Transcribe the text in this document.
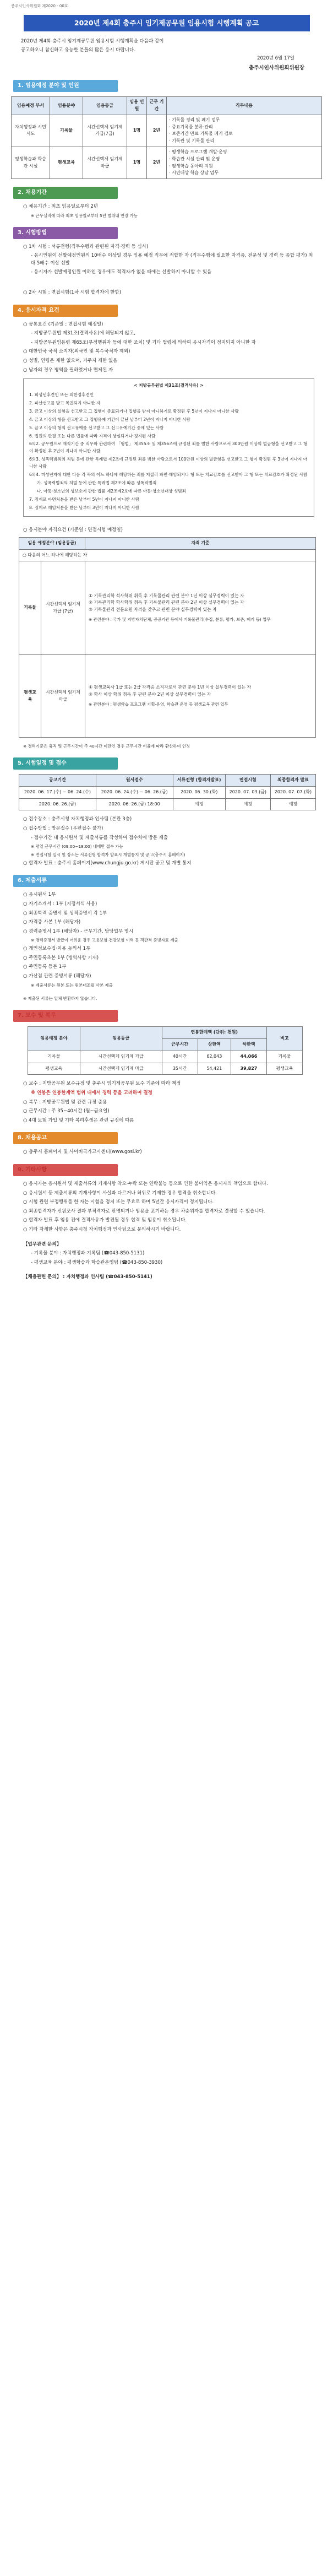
충주시인사위원회 제2020 - 00호
2020년 제4회 충주시 임기제공무원 임용시험 시행계획 공고

2020년 제4회 충주시 임기제공무원 임용시험 시행계획을 다음과 같이

공고하오니 참신하고 유능한 분들의 많은 응시 바랍니다.

2020년 6월 17일
충주시인사위원회위원장
1. 임용예정 분야 및 인원
임용예정 부서	임용분야	임용등급	임용 인원	근무 기간	직무내용
자치행정과 시민시도	기록물	시간선택제 임기제 가급(7급)	1명	2년	· 기록물 정리 및 폐기 업무
· 중요기록물 분류·관리
· 보존기간 만료 기록물 폐기 검토
· 기록관 및 기록물 관리
평생학습과 학습관 시설	평생교육	시간선택제 임기제 마급	1명	2년	· 평생학습 프로그램 개발·운영
· 학습관 시설 관리 및 운영
· 평생학습 동아리 지원
· 시민대상 학습 상담 업무
2. 채용기간

○ 채용기간 : 최초 임용일로부터 2년

※ 근무실적에 따라 최초 임용일로부터 5년 범위내 연장 가능

3. 시험방법

○ 1차 시험 : 서류전형(직무수행과 관련된 자격·경력 등 심사)

- 응시인원이 선발예정인원의 10배수 이상일 경우 임용 예정 직무에 적합한 자 (직무수행에 필요한 자격증, 전문성 및 경력 등 종합 평가) 최대 5배수 이상 선발

- 응시자가 선발예정인원 이하인 경우에도 적격자가 없을 때에는 선발하지 아니할 수 있음

○ 2차 시험 : 면접시험(1차 시험 합격자에 한함)

4. 응시자격 요건

○ 공통요건 (기준일 : 면접시험 예정일)

- 지방공무원법 제31조(결격사유)에 해당되지 않고,

- 지방공무원임용령 제65조(부정행위자 등에 대한 조치) 및 기타 법령에 의하여 응시자격이 정지되지 아니한 자

○ 대한민국 국적 소지자(외국인 및 복수국적자 제외)

○ 성별, 연령은 제한 없으며, 거주지 제한 없음

○ 남자의 경우 병역을 필하였거나 면제된 자

< 지방공무원법 제31조(결격사유) >

1. 피성년후견인 또는 피한정후견인

2. 파산선고를 받고 복권되지 아니한 자

3. 금고 이상의 실형을 선고받고 그 집행이 종료되거나 집행을 받지 아니하기로 확정된 후 5년이 지나지 아니한 사람

4. 금고 이상의 형을 선고받고 그 집행유예 기간이 끝난 날부터 2년이 지나지 아니한 사람

5. 금고 이상의 형의 선고유예를 선고받고 그 선고유예기간 중에 있는 사람

6. 법원의 판결 또는 다른 법률에 따라 자격이 상실되거나 정지된 사람

6의2. 공무원으로 재직기간 중 직무와 관련하여 「형법」 제355조 및 제356조에 규정된 죄를 범한 사람으로서 300만원 이상의 벌금형을 선고받고 그 형이 확정된 후 2년이 지나지 아니한 사람

6의3. 성폭력범죄의 처벌 등에 관한 특례법 제2조에 규정된 죄를 범한 사람으로서 100만원 이상의 벌금형을 선고받고 그 형이 확정된 후 3년이 지나지 아니한 사람

6의4. 미성년자에 대한 다음 각 목의 어느 하나에 해당하는 죄를 저질러 파면·해임되거나 형 또는 치료감호를 선고받아 그 형 또는 치료감호가 확정된 사람

가. 성폭력범죄의 처벌 등에 관한 특례법 제2조에 따른 성폭력범죄

나. 아동·청소년의 성보호에 관한 법률 제2조제2호에 따른 아동·청소년대상 성범죄

7. 징계로 파면처분을 받은 날부터 5년이 지나지 아니한 사람

8. 징계로 해임처분을 받은 날부터 3년이 지나지 아니한 사람

○ 응시분야 자격요건 (기준일 : 면접시험 예정일)

임용 예정분야 (임용등급)		자격 기준
○ 다음의 어느 하나에 해당하는 자		
기록물	시간선택제 임기제 가급 (7급)	① 기록관리학 석사학위 취득 후 기록물관리 관련 분야 1년 이상 실무경력이 있는 자
② 기록관리학 학사학위 취득 후 기록물관리 관련 분야 2년 이상 실무경력이 있는 자
③ 기록물관리 전문요원 자격을 갖추고 관련 분야 실무경력이 있는 자
※ 관련분야 : 국가 및 지방자치단체, 공공기관 등에서 기록물관리(수집, 분류, 평가, 보존, 폐기 등) 업무

평생교육	시간선택제 임기제 마급	① 평생교육사 1급 또는 2급 자격증 소지자로서 관련 분야 1년 이상 실무경력이 있는 자
② 학사 이상 학위 취득 후 관련 분야 2년 이상 실무경력이 있는 자
※ 관련분야 : 평생학습 프로그램 기획·운영, 학습관 운영 등 평생교육 관련 업무

※ 경력기준은 휴직 및 근무시간이 주 40시간 미만인 경우 근무시간 비율에 따라 환산하여 인정

5. 시험일정 및 접수
공고기간	원서접수	서류전형 (합격자발표)	면접시험	최종합격자 발표
2020. 06. 17.(수) ~ 06. 24.(수)	2020. 06. 24.(수) ~ 06. 26.(금)	2020. 06. 30.(화)	2020. 07. 03.(금)	2020. 07. 07.(화)
2020. 06. 26.(금)	2020. 06. 26.(금) 18:00	예정	예정	예정

○ 접수장소 : 충주시청 자치행정과 인사팀 (본관 3층)

○ 접수방법 : 방문접수 (우편접수 불가)

- 접수기간 내 응시원서 및 제출서류를 작성하여 접수처에 방문 제출

※ 평일 근무시간 (09:00~18:00) 내에만 접수 가능

※ 면접시험 일시 및 장소는 서류전형 합격자 발표시 개별통지 및 공고(충주시 홈페이지)

○ 합격자 발표 : 충주시 홈페이지(www.chungju.go.kr) 게시판 공고 및 개별 통지

6. 제출서류

○ 응시원서 1부

○ 자기소개서 : 1부 (지정서식 사용)

○ 최종학력 증명서 및 성적증명서 각 1부

○ 자격증 사본 1부 (해당자)

○ 경력증명서 1부 (해당자) - 근무기간, 담당업무 명시

※ 경력증명서 발급이 어려운 경우 고용보험·건강보험 이력 등 객관적 증빙자료 제출

○ 개인정보수집·이용 동의서 1부

○ 주민등록초본 1부 (병역사항 기재)

○ 주민등록 등본 1부

○ 가산점 관련 증빙서류 (해당자)

※ 제출서류는 원본 또는 원본대조필 사본 제출

※ 제출된 서류는 일체 반환하지 않습니다.

7. 보수 및 복무
임용예정 분야	임용등급	연봉한계액 (단위: 천원)			비고
		근무시간	상한액	하한액	
기록물	시간선택제 임기제 가급	40시간	62,043	44,066	기록물
평생교육	시간선택제 임기제 마급	35시간	54,421	39,827	평생교육

○ 보수 : 지방공무원 보수규정 및 충주시 임기제공무원 보수 기준에 따라 책정

※ 연봉은 연봉한계액 범위 내에서 경력 등을 고려하여 결정

○ 복무 : 지방공무원법 및 관련 규정 준용

○ 근무시간 : 주 35~40시간 (월~금요일)

○ 4대 보험 가입 및 기타 복리후생은 관련 규정에 따름

8. 채용공고

○ 충주시 홈페이지 및 사이버국가고시센터(www.gosi.kr)

9. 기타사항

○ 응시자는 응시원서 및 제출서류의 기재사항 착오·누락 또는 연락불능 등으로 인한 불이익은 응시자의 책임으로 합니다.

○ 응시원서 등 제출서류의 기재사항이 사실과 다르거나 허위로 기재한 경우 합격을 취소합니다.

○ 시험 관련 부정행위를 한 자는 시험을 정지 또는 무효로 하며 5년간 응시자격이 정지됩니다.

○ 최종합격자가 신원조사 결과 부적격자로 판명되거나 임용을 포기하는 경우 차순위자를 합격자로 결정할 수 있습니다.

○ 합격자 발표 후 임용 전에 결격사유가 발견될 경우 합격 및 임용이 취소됩니다.

○ 기타 자세한 사항은 충주시청 자치행정과 인사팀으로 문의하시기 바랍니다.

【업무관련 문의】

- 기록물 분야 : 자치행정과 기록팀 (☎043-850-5131)

- 평생교육 분야 : 평생학습과 학습관운영팀 (☎043-850-3930)

【채용관련 문의】 : 자치행정과 인사팀 (☎043-850-5141)
